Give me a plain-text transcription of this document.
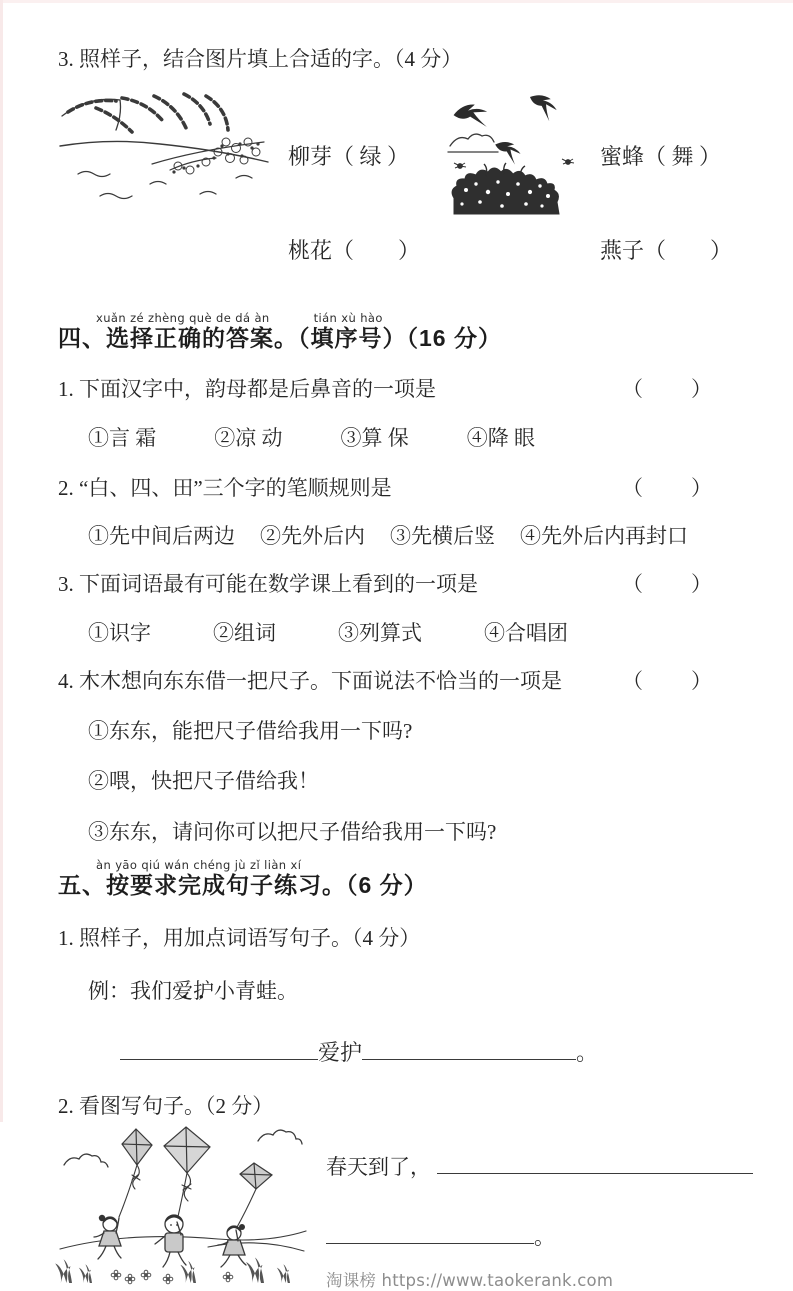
3. 照样子，结合图片填上合适的字。（4 分）

柳芽（ 绿 ）

桃花（　　）

蜜蜂（ 舞 ）

燕子（　　）

xuǎn zé zhèng què de dá àn	tián xù hào
四、选择正确的答案。（填序号）（16 分）
1. 下面汉字中，韵母都是后鼻音的一项是	（　　）
①言 霜	②凉 动	③算 保	④降 眼
2. “白、四、田”三个字的笔顺规则是	（　　）
①先中间后两边 ②先外后内 ③先横后竖 ④先外后内再封口
3. 下面词语最有可能在数学课上看到的一项是	（　　）
①识字	②组词	③列算式	④合唱团
4. 木木想向东东借一把尺子。下面说法不恰当的一项是	（　　）
①东东，能把尺子借给我用一下吗?
②喂，快把尺子借给我！
③东东，请问你可以把尺子借给我用一下吗?
àn yāo qiú wán chéng jù zǐ liàn xí
五、按要求完成句子练习。（6 分）
1. 照样子，用加点词语写句子。（4 分）
例：我们爱护 •   •小青蛙。
爱护	。
2. 看图写句子。（2 分）
春天到了，
。
淘课榜 https://www.taokerank.com
